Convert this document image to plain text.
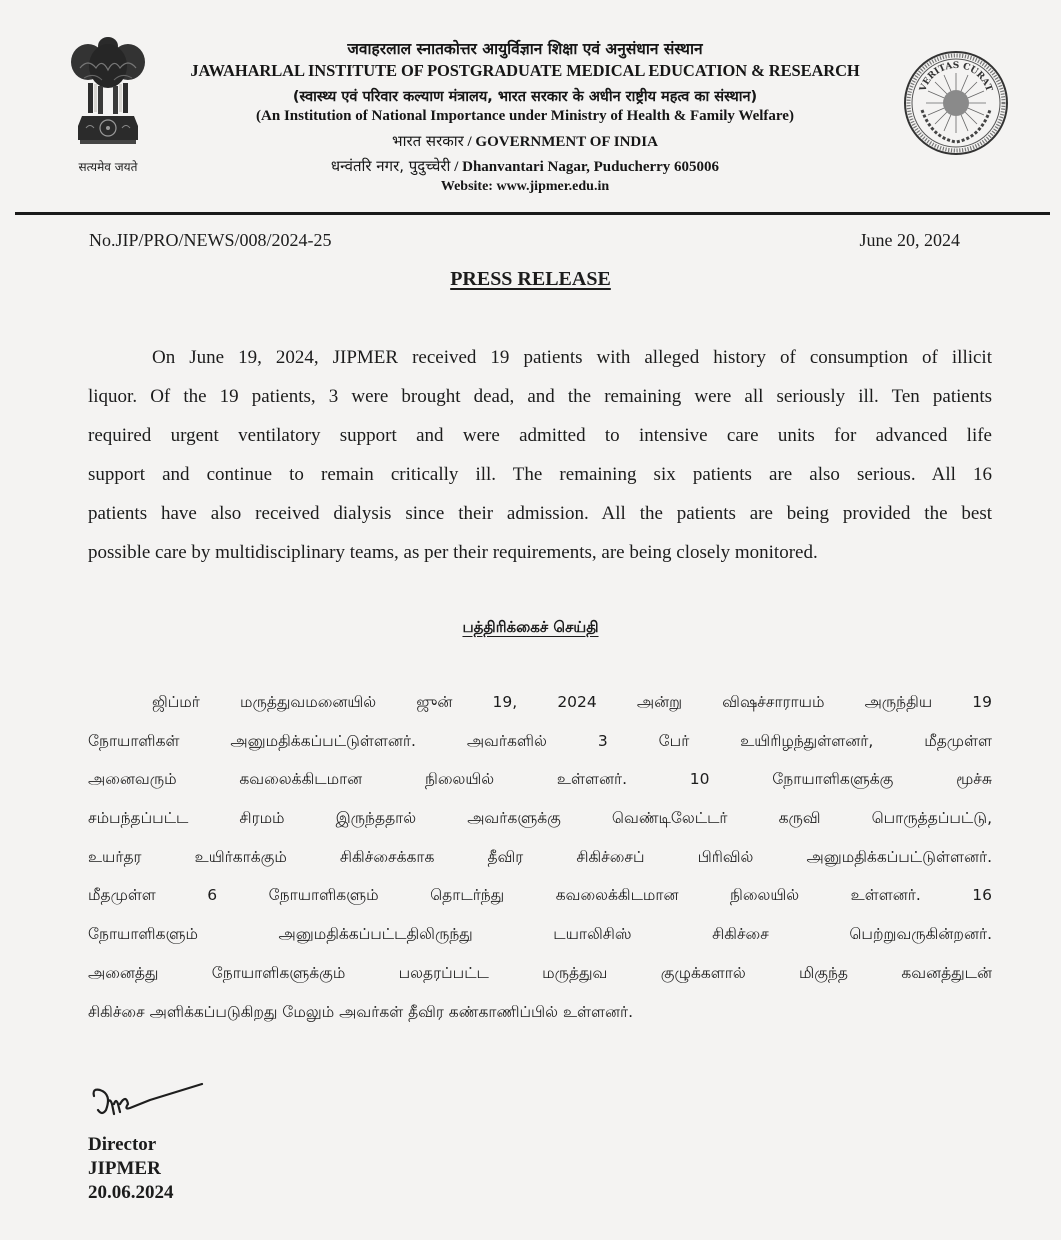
सत्यमेव जयते
जवाहरलाल स्नातकोत्तर आयुर्विज्ञान शिक्षा एवं अनुसंधान संस्थान
JAWAHARLAL INSTITUTE OF POSTGRADUATE MEDICAL EDUCATION & RESEARCH
(स्वास्थ्य एवं परिवार कल्याण मंत्रालय, भारत सरकार के अधीन राष्ट्रीय महत्व का संस्थान)
(An Institution of National Importance under Ministry of Health & Family Welfare)
भारत सरकार / GOVERNMENT OF INDIA
धन्वंतरि नगर, पुदुच्चेरी / Dhanvantari Nagar, Puducherry 605006
Website: www.jipmer.edu.in
VERITAS CURAT
No.JIP/PRO/NEWS/008/2024-25	June 20, 2024
PRESS RELEASE
On June 19, 2024, JIPMER received 19 patients with alleged history of consumption of illicit
liquor. Of the 19 patients, 3 were brought dead, and the remaining were all seriously ill. Ten patients
required urgent ventilatory support and were admitted to intensive care units for advanced life
support and continue to remain critically ill. The remaining six patients are also serious. All 16
patients have also received dialysis since their admission. All the patients are being provided the best
possible care by multidisciplinary teams, as per their requirements, are being closely monitored.
பத்திரிக்கைச் செய்தி
ஜிப்மர் மருத்துவமனையில் ஜுன் 19, 2024 அன்று விஷச்சாராயம் அருந்திய 19
நோயாளிகள் அனுமதிக்கப்பட்டுள்ளனர். அவர்களில் 3 பேர் உயிரிழந்துள்ளனர், மீதமுள்ள
அனைவரும் கவலைக்கிடமான நிலையில் உள்ளனர். 10 நோயாளிகளுக்கு மூச்சு
சம்பந்தப்பட்ட சிரமம் இருந்ததால் அவர்களுக்கு வெண்டிலேட்டர் கருவி பொருத்தப்பட்டு,
உயர்தர உயிர்காக்கும் சிகிச்சைக்காக தீவிர சிகிச்சைப் பிரிவில் அனுமதிக்கப்பட்டுள்ளனர்.
மீதமுள்ள 6 நோயாளிகளும் தொடர்ந்து கவலைக்கிடமான நிலையில் உள்ளனர். 16
நோயாளிகளும் அனுமதிக்கப்பட்டதிலிருந்து டயாலிசிஸ் சிகிச்சை பெற்றுவருகின்றனர்.
அனைத்து நோயாளிகளுக்கும் பலதரப்பட்ட மருத்துவ குழுக்களால் மிகுந்த கவனத்துடன்
சிகிச்சை அளிக்கப்படுகிறது மேலும் அவர்கள் தீவிர கண்காணிப்பில் உள்ளனர்.
Director
JIPMER
20.06.2024
